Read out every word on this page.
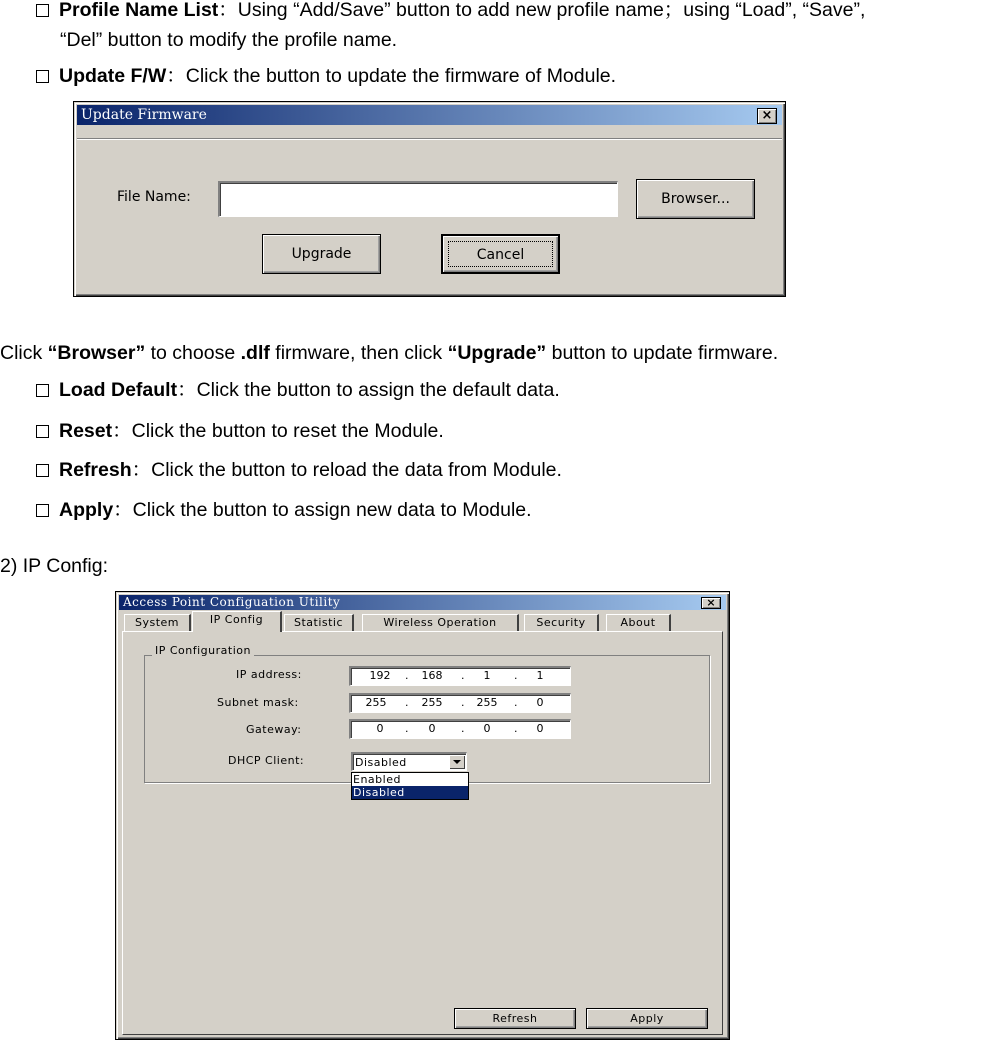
Profile Name List：Using “Add/Save” button to add new profile name；using “Load”, “Save”,
“Del” button to modify the profile name.
Update F/W：Click the button to update the firmware of Module.
Update Firmware	×
File Name:	Browser...
Upgrade	Cancel
Click “Browser” to choose .dlf firmware, then click “Upgrade” button to update firmware.
Load Default：Click the button to assign the default data.
Reset：Click the button to reset the Module.
Refresh：Click the button to reload the data from Module.
Apply：Click the button to assign new data to Module.
2) IP Config:
Access Point Configuation Utility	×
System	IP Config	Statistic	Wireless Operation	Security	About
IP Configuration
IP address:	192	.	168	.	1	.	1
Subnet mask:	255	.	255	.	255	.	0
Gateway:	0	.	0	.	0	.	0
DHCP Client:	Disabled
Enabled
Disabled
Refresh	Apply
